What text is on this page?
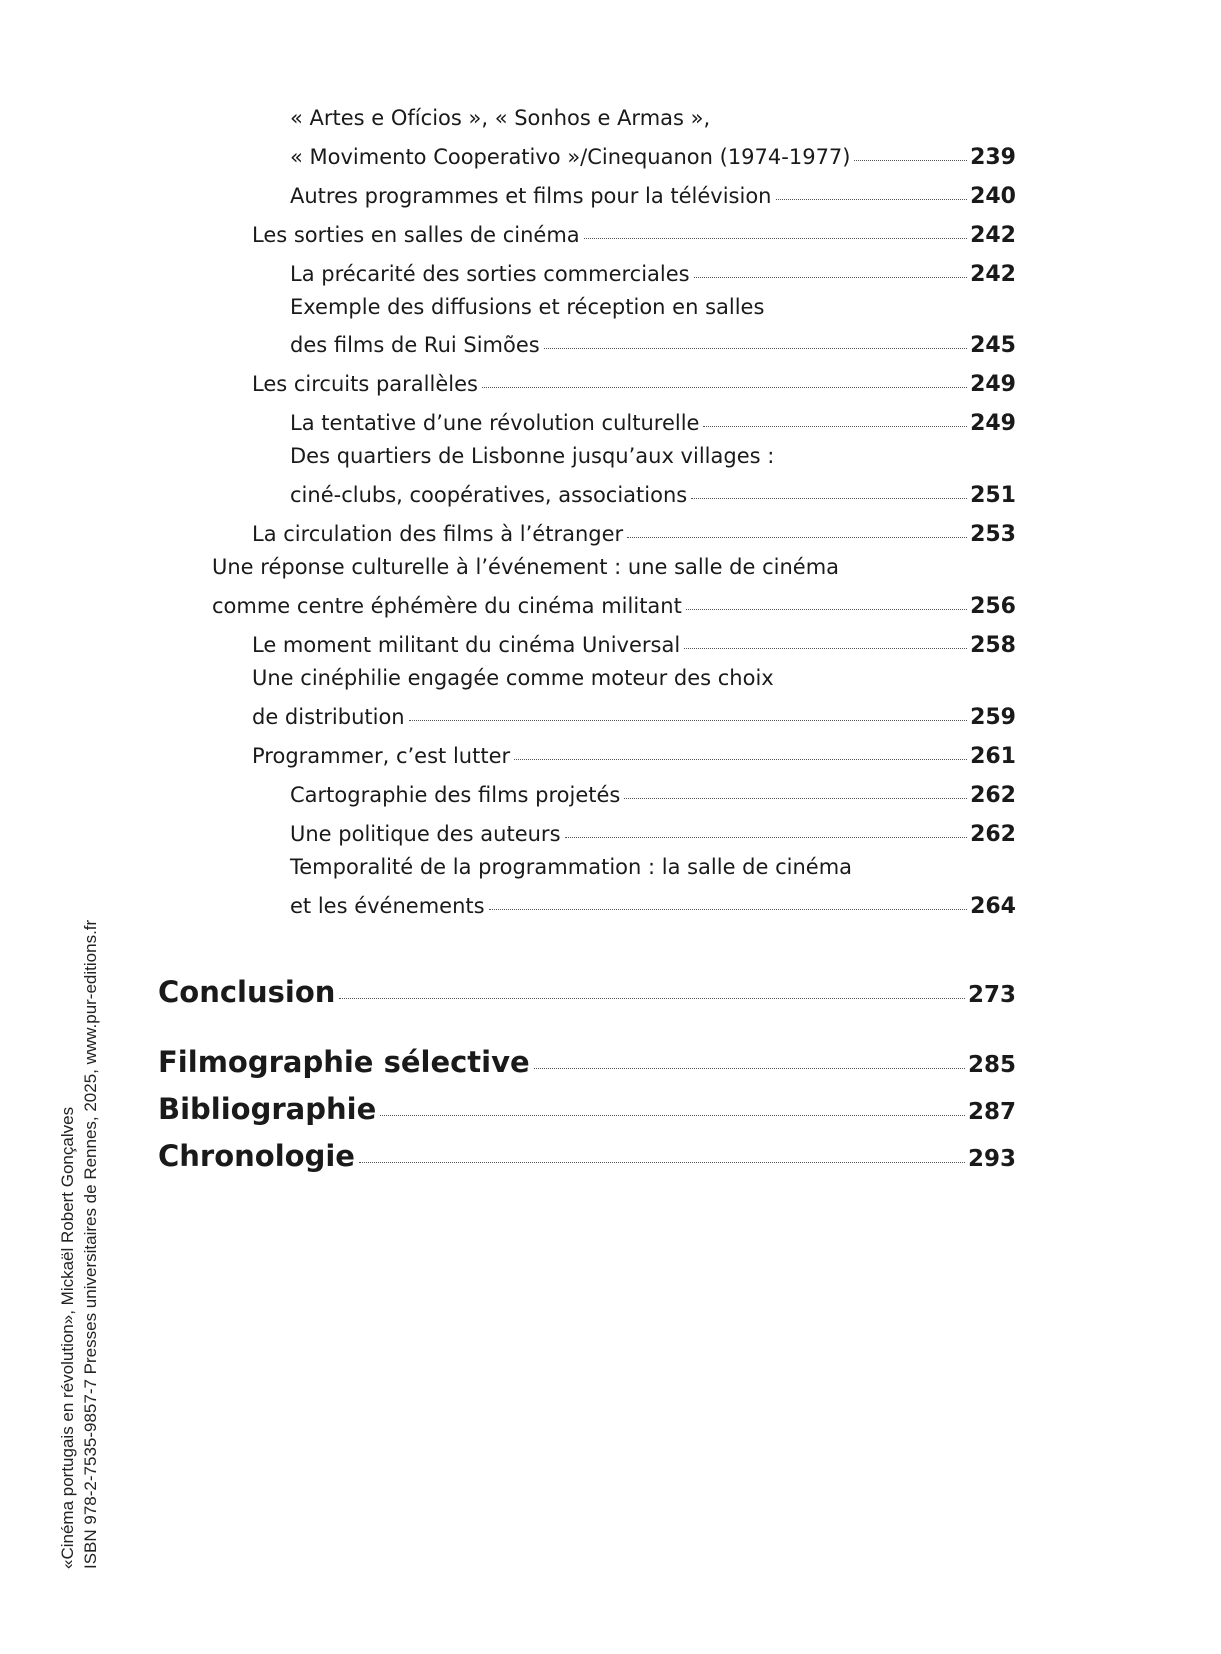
« Artes e Ofícios », « Sonhos e Armas »,
« Movimento Cooperativo »/Cinequanon (1974-1977)	239
Autres programmes et films pour la télévision	240
Les sorties en salles de cinéma	242
La précarité des sorties commerciales	242
Exemple des diffusions et réception en salles
des films de Rui Simões	245
Les circuits parallèles	249
La tentative d’une révolution culturelle	249
Des quartiers de Lisbonne jusqu’aux villages :
ciné-clubs, coopératives, associations	251
La circulation des films à l’étranger	253
Une réponse culturelle à l’événement : une salle de cinéma
comme centre éphémère du cinéma militant	256
Le moment militant du cinéma Universal	258
Une cinéphilie engagée comme moteur des choix
de distribution	259
Programmer, c’est lutter	261
Cartographie des films projetés	262
Une politique des auteurs	262
Temporalité de la programmation : la salle de cinéma
et les événements	264
Conclusion	273
Filmographie sélective	285
Bibliographie	287
Chronologie	293
«Cinéma portugais en révolution», Mickaël Robert Gonçalves ISBN 978-2-7535-9857-7 Presses universitaires de Rennes, 2025, www.pur-editions.fr
